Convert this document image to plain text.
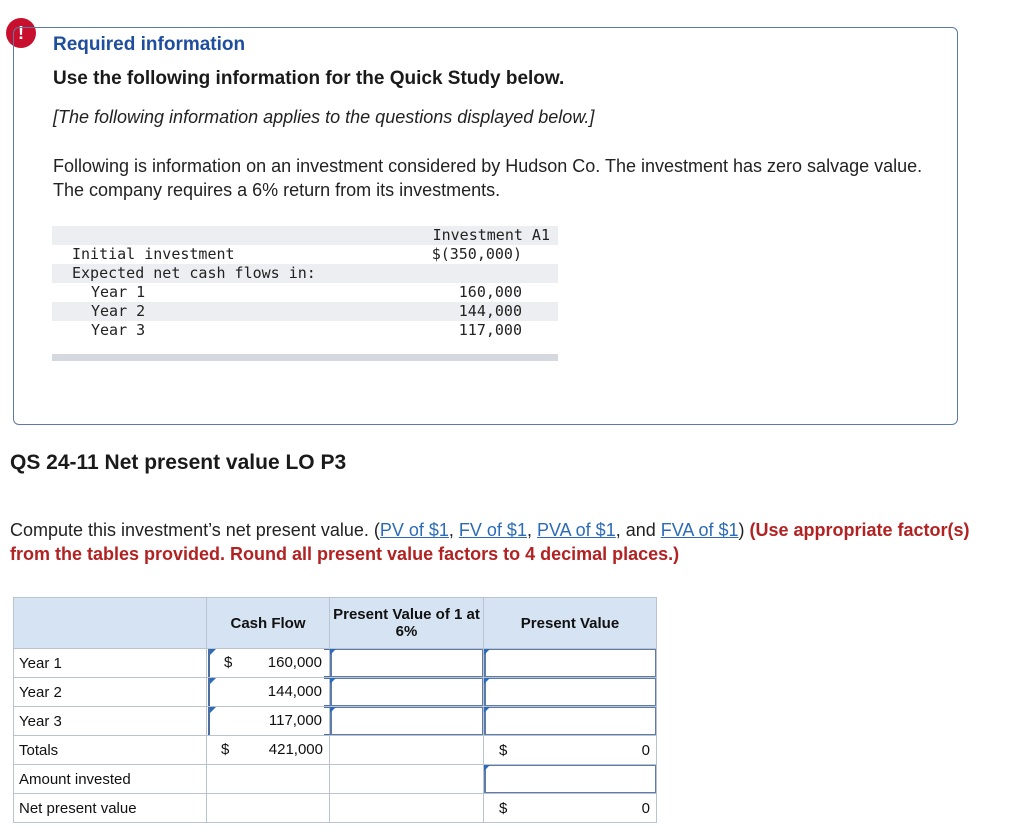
!
Required information
Use the following information for the Quick Study below.
[The following information applies to the questions displayed below.]
Following is information on an investment considered by Hudson Co. The investment has zero salvage value. The company requires a 6% return from its investments.
Investment A1
Initial investment	$(350,000)
Expected net cash flows in:
Year 1	160,000
Year 2	144,000
Year 3	117,000
QS 24-11 Net present value LO P3
Compute this investment’s net present value. (PV of $1, FV of $1, PVA of $1, and FVA of $1) (Use appropriate factor(s) from the tables provided. Round all present value factors to 4 decimal places.)
	Cash Flow	Present Value of 1 at 6%	Present Value
Year 1	$ 160,000

Year 2	144,000

Year 3	117,000

Totals	$ 421,000		$ 0

Amount invested			

Net present value			$ 0
